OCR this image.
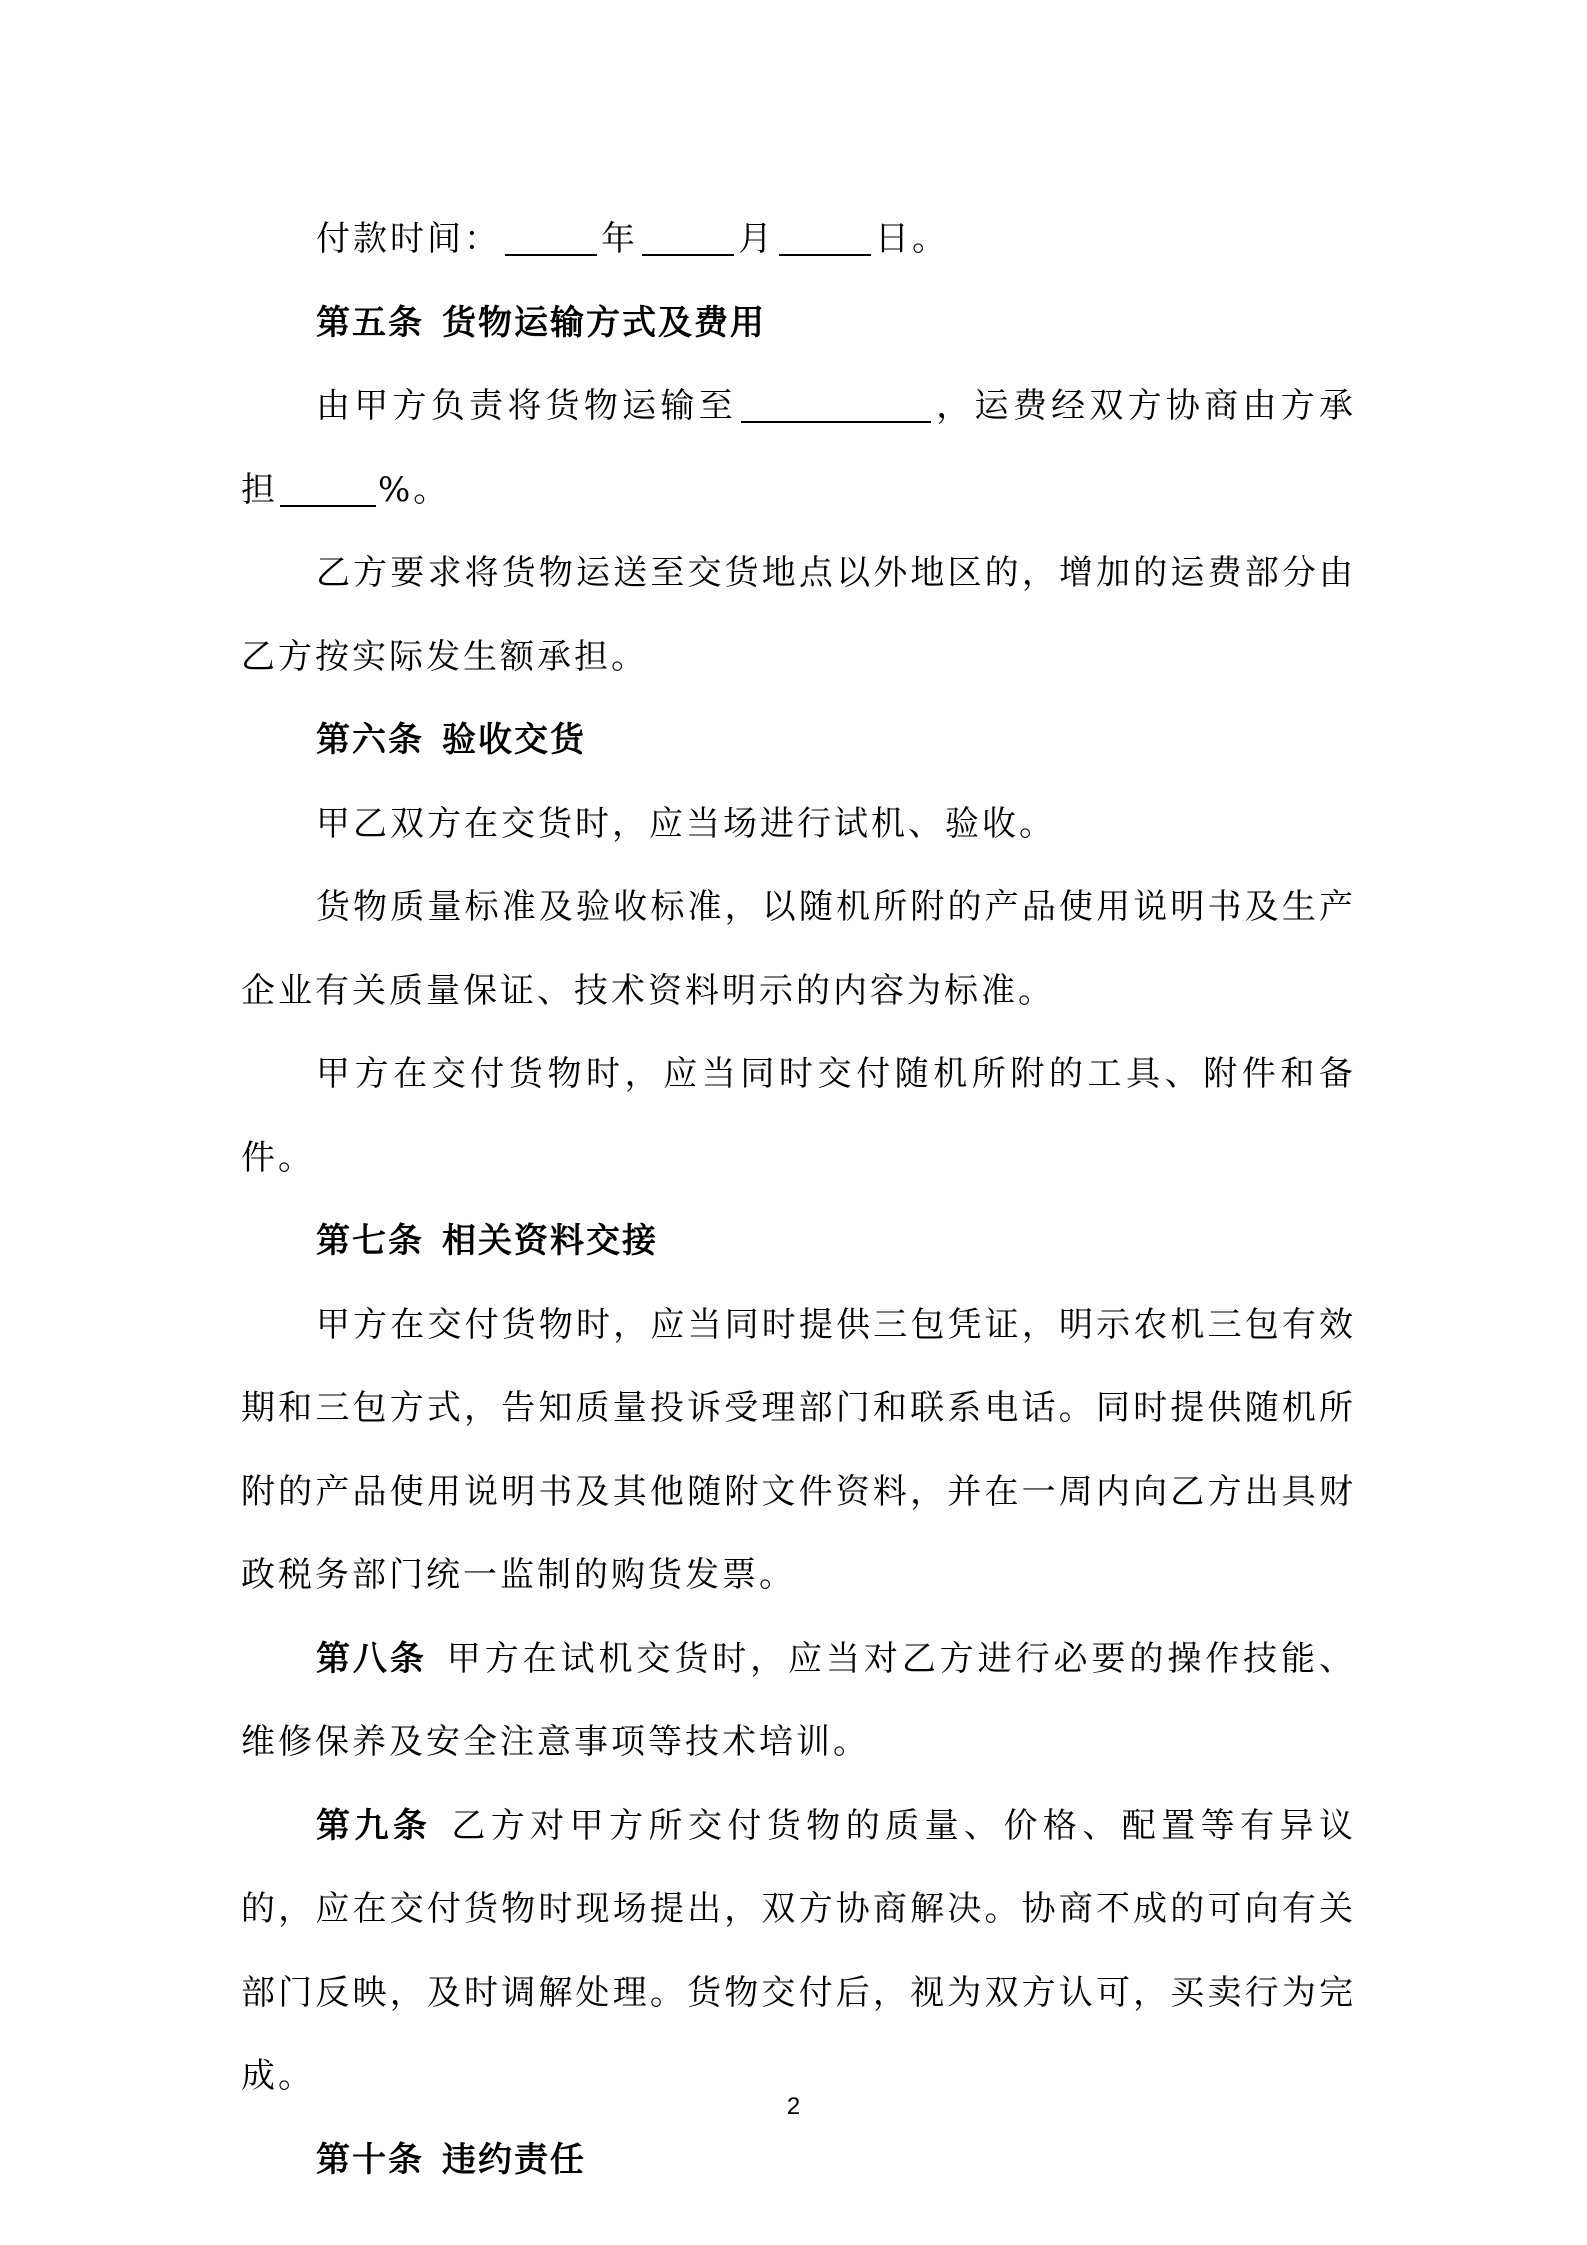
付款时间：	年	月	日。

第五条 货物运输方式及费用

由甲方负责将货物运输至	，运费经双方协商由方承担	%。

乙方要求将货物运送至交货地点以外地区的，增加的运费部分由乙方按实际发生额承担。

第六条 验收交货

甲乙双方在交货时，应当场进行试机、验收。

货物质量标准及验收标准，以随机所附的产品使用说明书及生产企业有关质量保证、技术资料明示的内容为标准。

甲方在交付货物时，应当同时交付随机所附的工具、附件和备件。

第七条 相关资料交接

甲方在交付货物时，应当同时提供三包凭证，明示农机三包有效期和三包方式，告知质量投诉受理部门和联系电话。同时提供随机所附的产品使用说明书及其他随附文件资料，并在一周内向乙方出具财政税务部门统一监制的购货发票。

第八条 甲方在试机交货时，应当对乙方进行必要的操作技能、维修保养及安全注意事项等技术培训。

第九条 乙方对甲方所交付货物的质量、价格、配置等有异议的，应在交付货物时现场提出，双方协商解决。协商不成的可向有关部门反映，及时调解处理。货物交付后，视为双方认可，买卖行为完成。

第十条 违约责任

2
